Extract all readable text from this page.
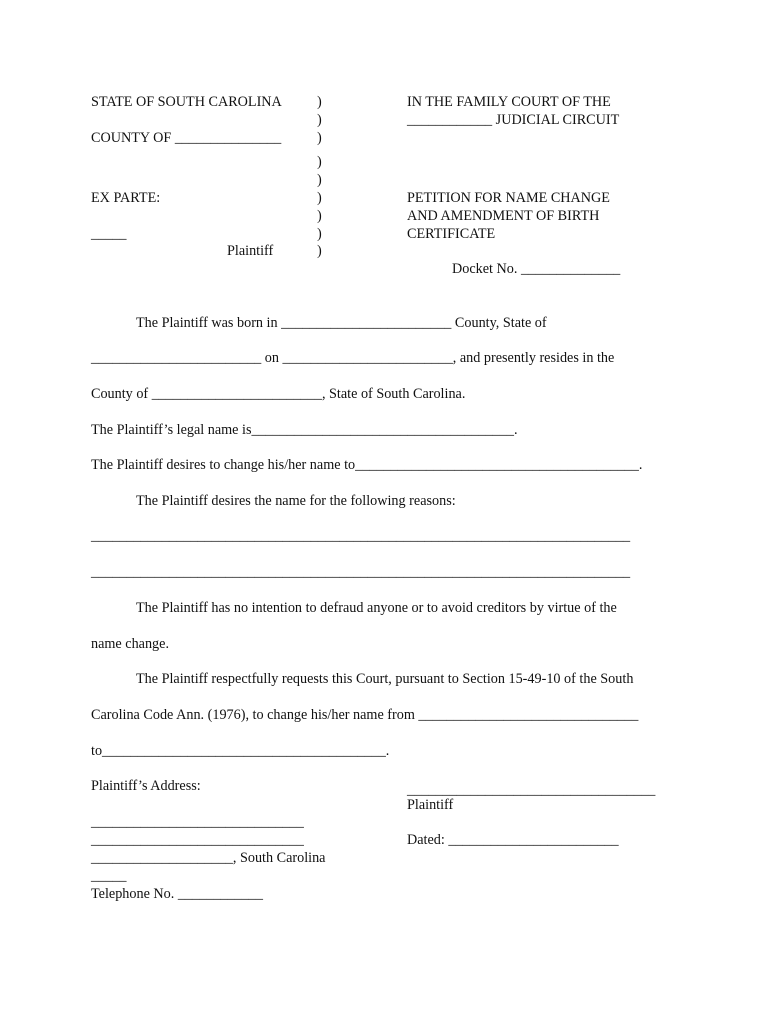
STATE OF SOUTH CAROLINA
COUNTY OF _______________
EX PARTE:
_____
Plaintiff
)
)
)
)
)
)
)
)
)
IN THE FAMILY COURT OF THE
____________ JUDICIAL CIRCUIT
PETITION FOR NAME CHANGE
AND AMENDMENT OF BIRTH
CERTIFICATE
Docket No. ______________
The Plaintiff was born in ________________________ County, State of
________________________ on ________________________, and presently resides in the
County of ________________________, State of South Carolina.
The Plaintiff’s legal name is_____________________________________.
The Plaintiff desires to change his/her name to________________________________________.
The Plaintiff desires the name for the following reasons:
____________________________________________________________________________
____________________________________________________________________________
The Plaintiff has no intention to defraud anyone or to avoid creditors by virtue of the
name change.
The Plaintiff respectfully requests this Court, pursuant to Section 15-49-10 of the South
Carolina Code Ann. (1976), to change his/her name from _______________________________
to________________________________________.
Plaintiff’s Address:	___________________________________
Plaintiff
______________________________
______________________________	Dated: ________________________
____________________, South Carolina
_____
Telephone No. ____________
